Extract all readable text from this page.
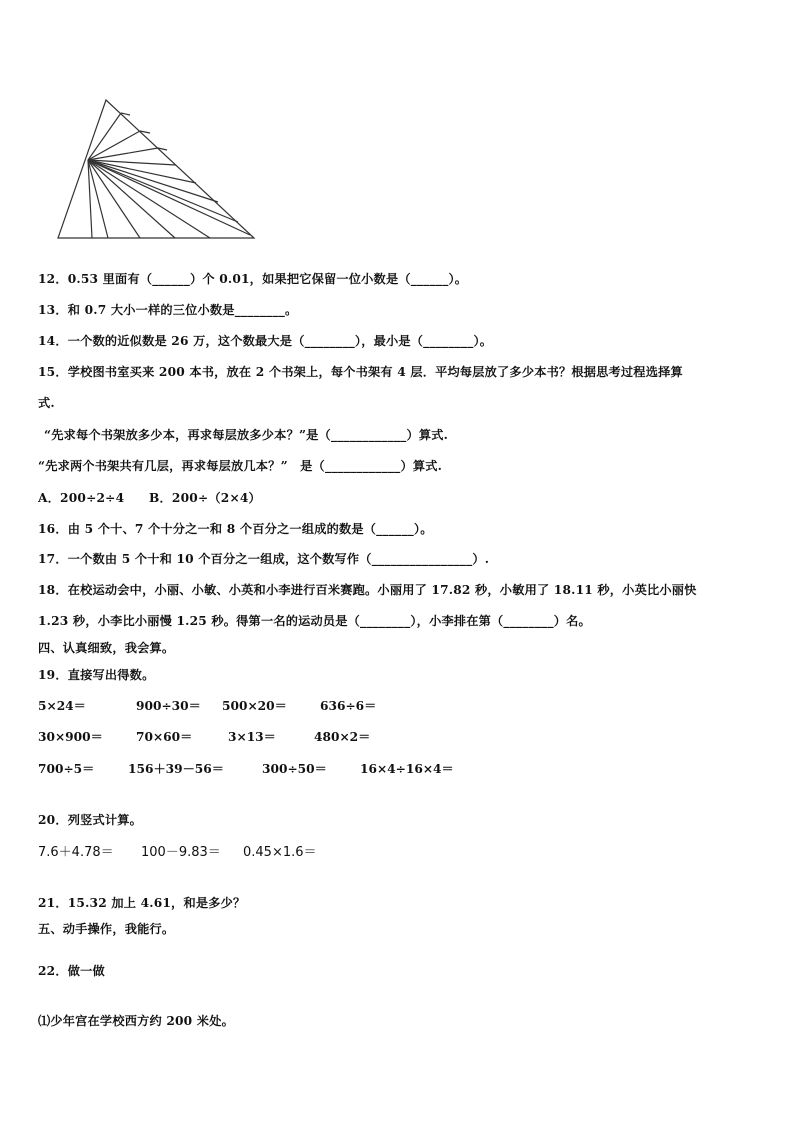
12．0.53 里面有（______）个 0.01，如果把它保留一位小数是（______）。
13．和 0.7 大小一样的三位小数是________。
14．一个数的近似数是 26 万，这个数最大是（________），最小是（________）。
15．学校图书室买来 200 本书，放在 2 个书架上，每个书架有 4 层．平均每层放了多少本书？根据思考过程选择算
式.
“先求每个书架放多少本，再求每层放多少本？”是（____________）算式.
“先求两个书架共有几层，再求每层放几本？”　是（____________）算式.
A．200÷2÷4　　B．200÷（2×4）
16．由 5 个十、7 个十分之一和 8 个百分之一组成的数是（______）。
17．一个数由 5 个十和 10 个百分之一组成，这个数写作（________________）.
18．在校运动会中，小丽、小敏、小英和小李进行百米赛跑。小丽用了 17.82 秒，小敏用了 18.11 秒，小英比小丽快
1.23 秒，小李比小丽慢 1.25 秒。得第一名的运动员是（________），小李排在第（________）名。
四、认真细致，我会算。
19．直接写出得数。
5×24＝	900÷30＝ 500×20＝	636÷6＝
30×900＝	70×60＝	3×13＝	480×2＝
700÷5＝	156＋39－56＝	300÷50＝	16×4÷16×4＝
20．列竖式计算。
7.6＋4.78＝ 100－9.83＝ 0.45×1.6＝
21．15.32 加上 4.61，和是多少？
五、动手操作，我能行。
22．做一做
⑴少年宫在学校西方约 200 米处。
